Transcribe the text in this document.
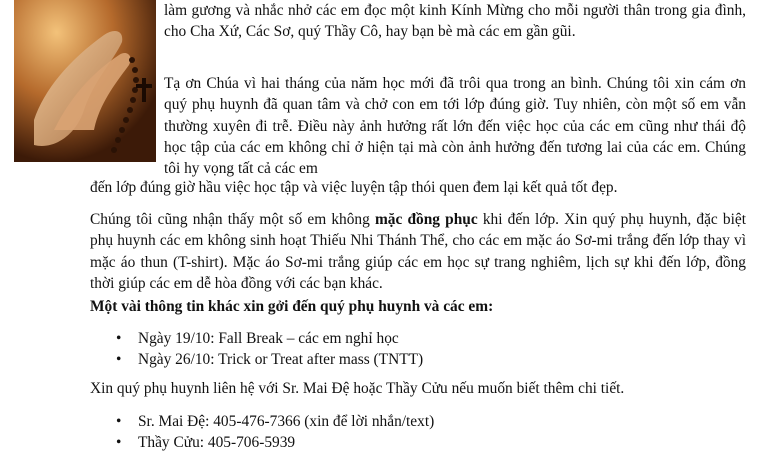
làm gương và nhắc nhở các em đọc một kinh Kính Mừng cho mỗi người thân trong gia đình, cho Cha Xứ, Các Sơ, quý Thầy Cô, hay bạn bè mà các em gần gũi.

Tạ ơn Chúa vì hai tháng của năm học mới đã trôi qua trong an bình. Chúng tôi xin cám ơn quý phụ huynh đã quan tâm và chở con em tới lớp đúng giờ. Tuy nhiên, còn một số em vẫn thường xuyên đi trễ. Điều này ảnh hưởng rất lớn đến việc học của các em cũng như thái độ học tập của các em không chỉ ở hiện tại mà còn ảnh hưởng đến tương lai của các em. Chúng tôi hy vọng tất cả các em

đến lớp đúng giờ hầu việc học tập và việc luyện tập thói quen đem lại kết quả tốt đẹp.

Chúng tôi cũng nhận thấy một số em không mặc đồng phục khi đến lớp. Xin quý phụ huynh, đặc biệt phụ huynh các em không sinh hoạt Thiếu Nhi Thánh Thể, cho các em mặc áo Sơ-mi trắng đến lớp thay vì mặc áo thun (T-shirt). Mặc áo Sơ-mi trắng giúp các em học sự trang nghiêm, lịch sự khi đến lớp, đồng thời giúp các em dễ hòa đồng với các bạn khác.

Một vài thông tin khác xin gởi đến quý phụ huynh và các em:

• Ngày 19/10: Fall Break – các em nghỉ học
• Ngày 26/10: Trick or Treat after mass (TNTT)

Xin quý phụ huynh liên hệ với Sr. Mai Đệ hoặc Thầy Cửu nếu muốn biết thêm chi tiết.

• Sr. Mai Đệ: 405-476-7366 (xin để lời nhắn/text)
• Thầy Cửu: 405-706-5939
